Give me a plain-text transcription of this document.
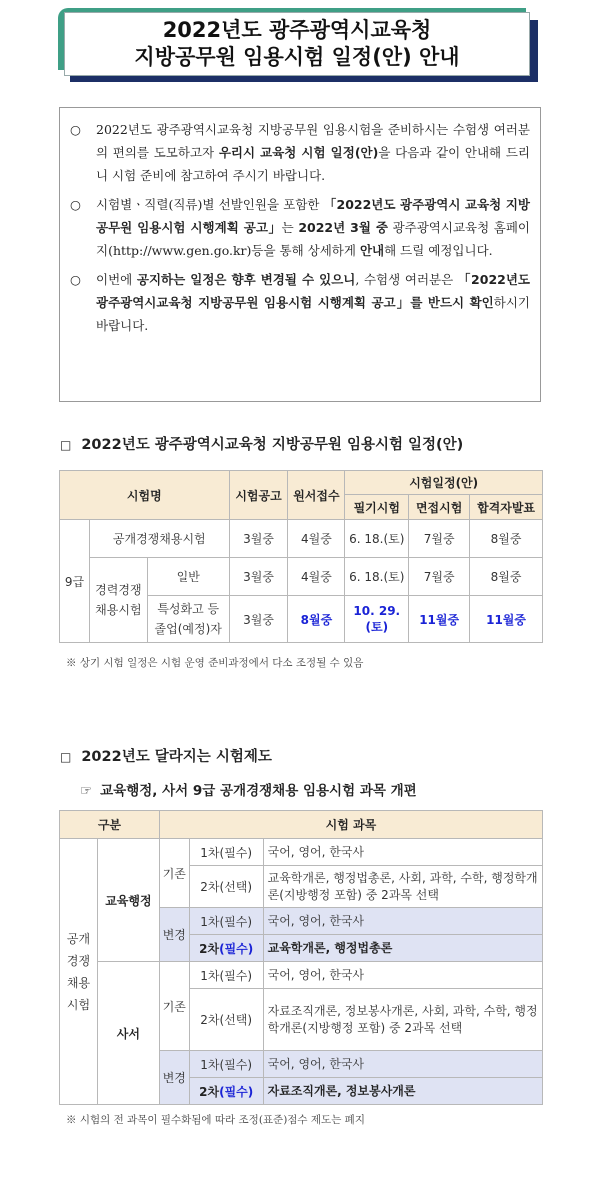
2022년도 광주광역시교육청
지방공무원 임용시험 일정(안) 안내

○ 2022년도 광주광역시교육청 지방공무원 임용시험을 준비하시는 수험생 여러분의 편의를 도모하고자 우리시 교육청 시험 일정(안)을 다음과 같이 안내해 드리니 시험 준비에 참고하여 주시기 바랍니다.

○ 시험별ㆍ직렬(직류)별 선발인원을 포함한 「2022년도 광주광역시 교육청 지방공무원 임용시험 시행계획 공고」는 2022년 3월 중 광주광역시교육청 홈페이지(http://www.gen.go.kr)등을 통해 상세하게 안내해 드릴 예정입니다.

○ 이번에 공지하는 일정은 향후 변경될 수 있으니, 수험생 여러분은 「2022년도 광주광역시교육청 지방공무원 임용시험 시행계획 공고」를 반드시 확인하시기 바랍니다.

□ 2022년도 광주광역시교육청 지방공무원 임용시험 일정(안)
시험명			시험공고	원서접수	시험일정(안)		
					필기시험	면접시험	합격자발표
9급	공개경쟁채용시험		3월중	4월중	6. 18.(토)	7월중	8월중
	경력경쟁
채용시험	일반	3월중	4월중	6. 18.(토)	7월중	8월중
		특성화고 등
졸업(예정)자	3월중	8월중	10. 29.(토)	11월중	11월중
※ 상기 시험 일정은 시험 운영 준비과정에서 다소 조정될 수 있음
□ 2022년도 달라지는 시험제도
☞ 교육행정, 사서 9급 공개경쟁채용 임용시험 과목 개편
구분		시험 과목		
공개
경쟁
채용
시험	교육행정	기존	1차(필수)	국어, 영어, 한국사
			2차(선택)	교육학개론, 행정법총론, 사회, 과학, 수학, 행정학개론(지방행정 포함) 중 2과목 선택
		변경	1차(필수)	국어, 영어, 한국사
			2차(필수)	교육학개론, 행정법총론
	사서	기존	1차(필수)	국어, 영어, 한국사
			2차(선택)	자료조직개론, 정보봉사개론, 사회, 과학, 수학, 행정학개론(지방행정 포함) 중 2과목 선택
		변경	1차(필수)	국어, 영어, 한국사
			2차(필수)	자료조직개론, 정보봉사개론
※ 시험의 전 과목이 필수화됨에 따라 조정(표준)점수 제도는 폐지
